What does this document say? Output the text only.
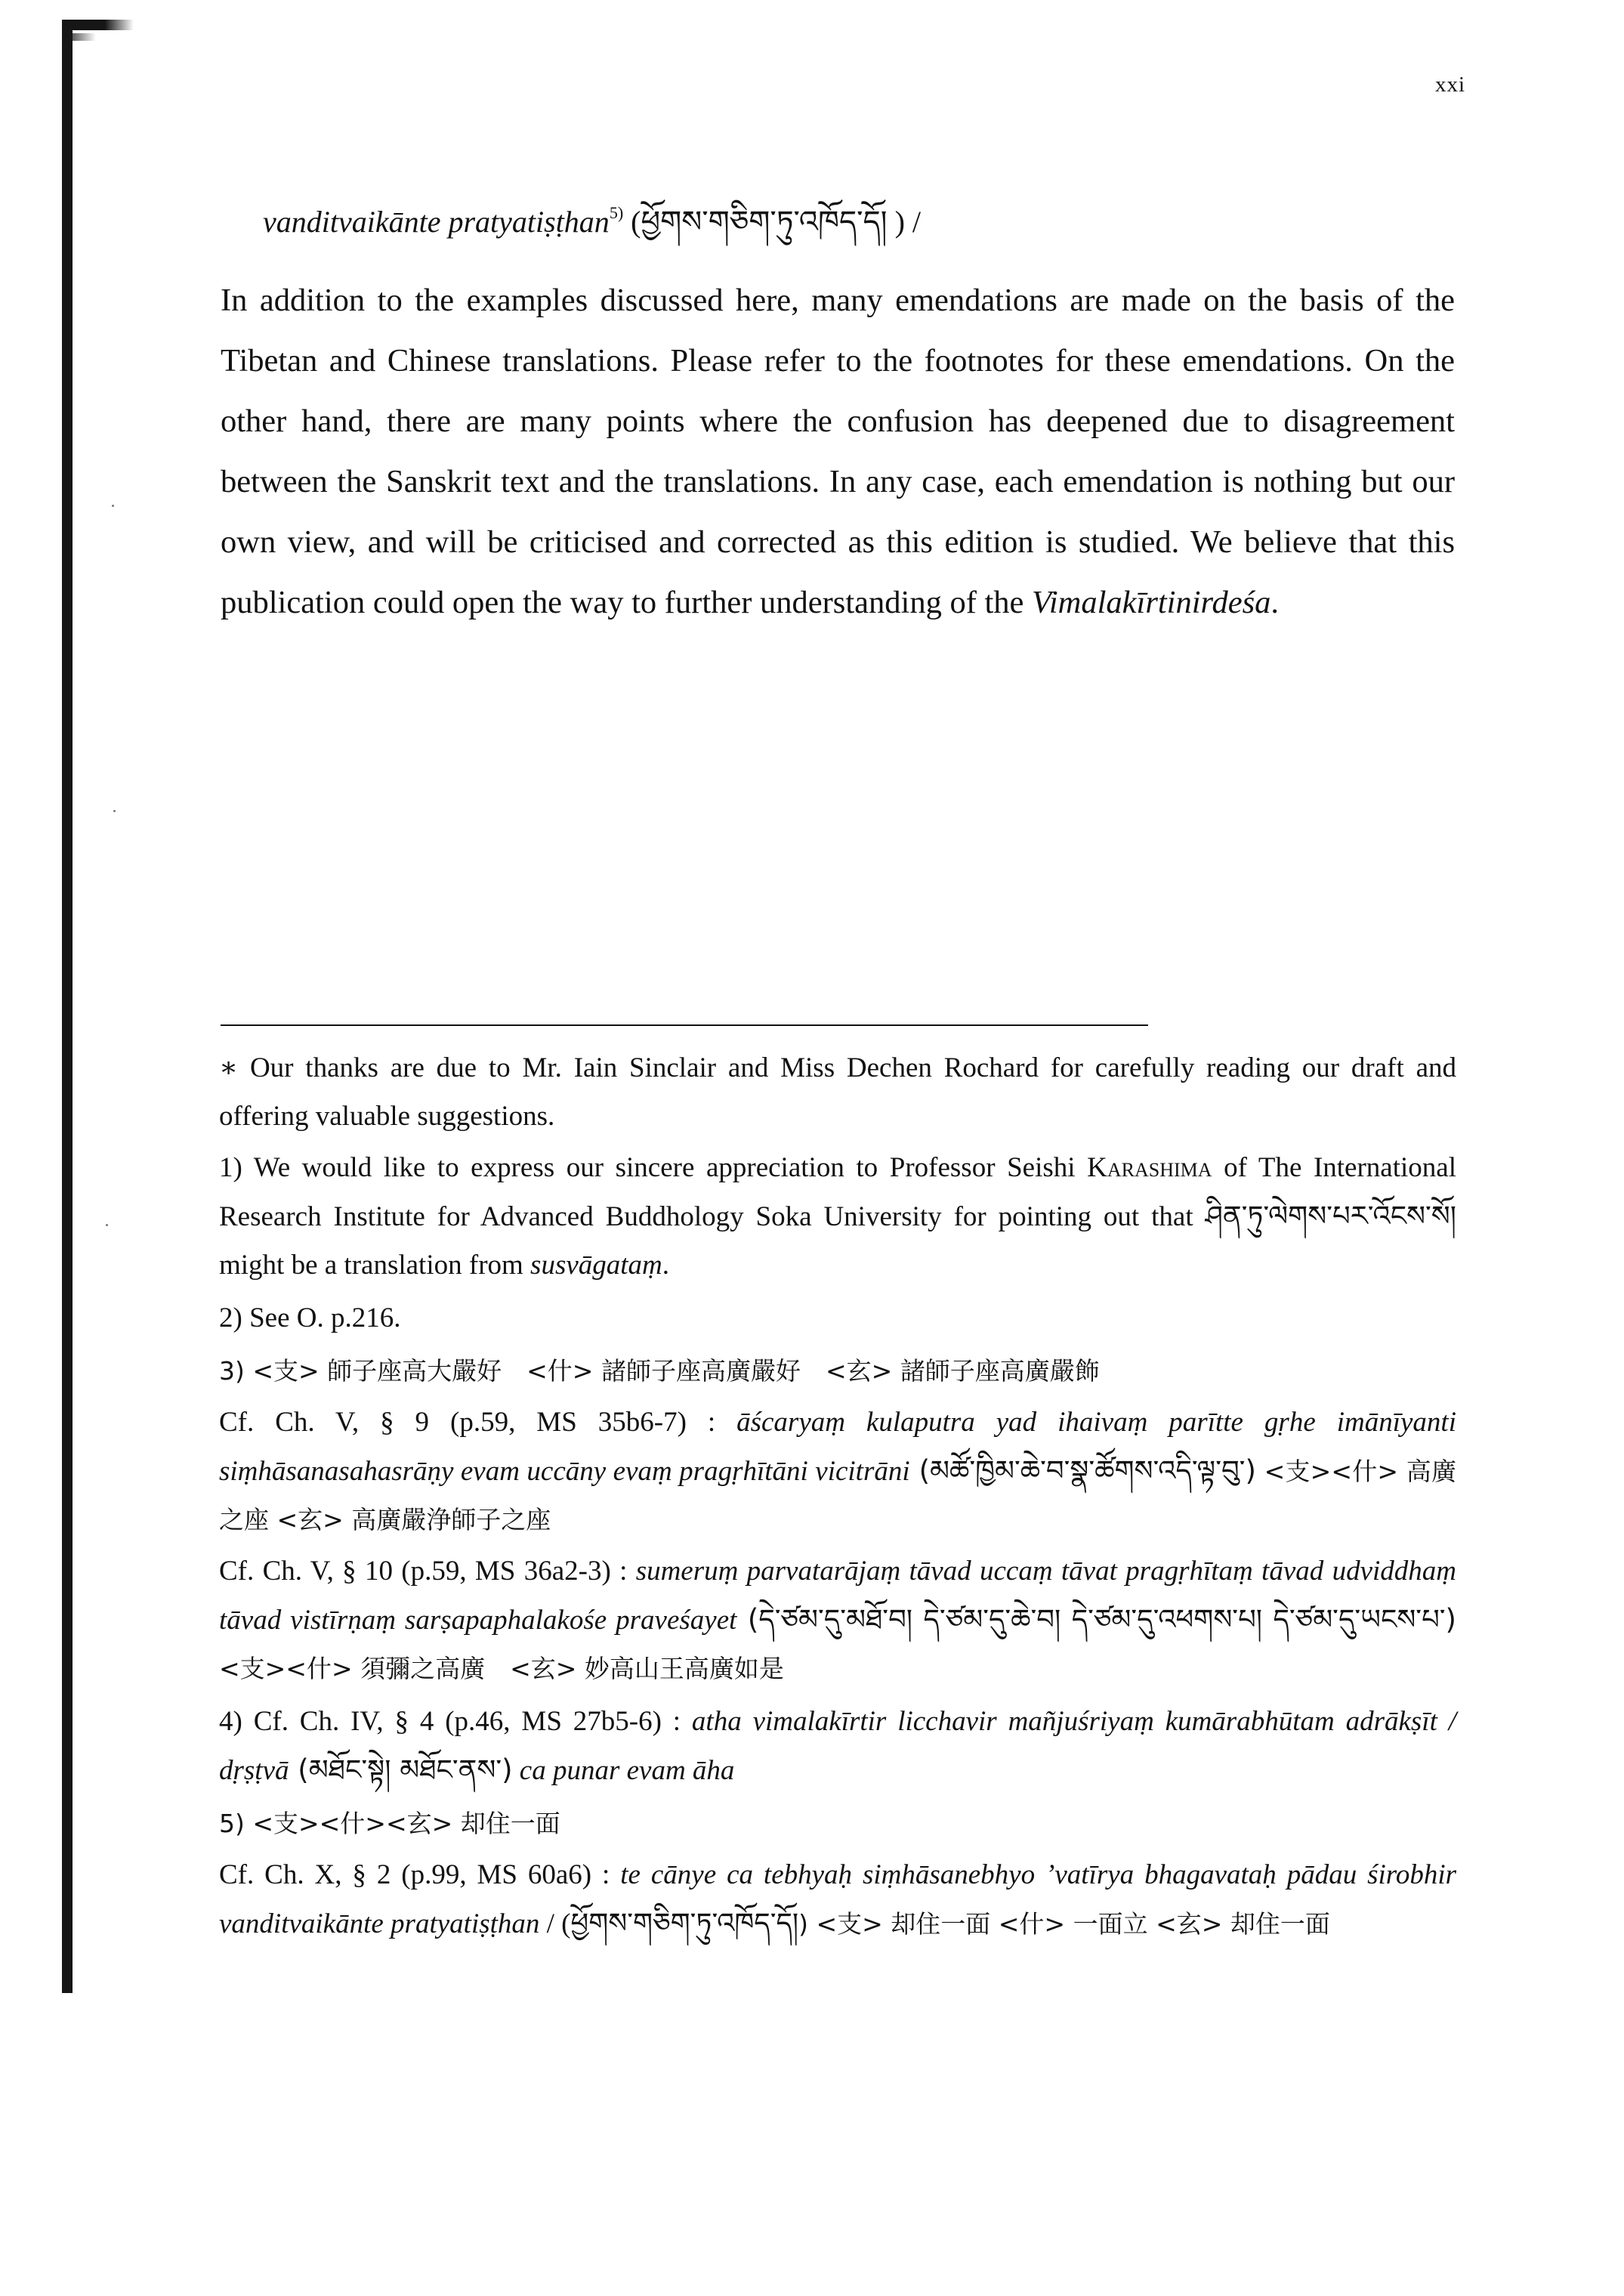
xxi
vanditvaikānte pratyatiṣṭhan$^{5)}$ (ཕྱོགས་གཅིག་ཏུ་འཁོད་དོ། ) /
In addition to the examples discussed here, many emendations are made on the basis of the Tibetan and Chinese translations. Please refer to the footnotes for these emendations. On the other hand, there are many points where the confusion has deepened due to disagreement between the Sanskrit text and the translations. In any case, each emendation is nothing but our own view, and will be criticised and corrected as this edition is studied. We believe that this publication could open the way to further understanding of the Vimalakīrtinirdeśa.

∗ Our thanks are due to Mr. Iain Sinclair and Miss Dechen Rochard for carefully reading our draft and offering valuable suggestions.

1) We would like to express our sincere appreciation to Professor Seishi Karashima of The International Research Institute for Advanced Buddhology Soka University for pointing out that ཤིན་ཏུ་ལེགས་པར་འོངས་སོ། might be a translation from susvāgataṃ.

2) See O. p.216.

3) <支> 師子座高大嚴好　<什> 諸師子座高廣嚴好　<玄> 諸師子座高廣嚴飾

Cf. Ch. V, § 9 (p.59, MS 35b6-7) : āścaryaṃ kulaputra yad ihaivaṃ parītte gṛhe imānīyanti siṃhāsanasahasrāṇy evam uccāny evaṃ pragṛhītāni vicitrāni (མཚོ་ཁྱིམ་ཆེ་བ་སྣ་ཚོགས་འདི་ལྟ་བུ་) <支><什> 高廣之座 <玄> 高廣嚴浄師子之座

Cf. Ch. V, § 10 (p.59, MS 36a2-3) : sumeruṃ parvatarājaṃ tāvad uccaṃ tāvat pragṛhītaṃ tāvad udviddhaṃ tāvad vistīrṇaṃ sarṣapaphalakośe praveśayet (དེ་ཙམ་དུ་མཐོ་བ། དེ་ཙམ་དུ་ཆེ་བ། དེ་ཙམ་དུ་འཕགས་པ། དེ་ཙམ་དུ་ཡངས་པ་) <支><什> 須彌之高廣　<玄> 妙高山王高廣如是

4) Cf. Ch. IV, § 4 (p.46, MS 27b5-6) : atha vimalakīrtir licchavir mañjuśriyaṃ kumārabhūtam adrākṣīt / dṛṣṭvā (མཐོང་སྟེ། མཐོང་ནས་) ca punar evam āha

5) <支><什><玄> 却住一面

Cf. Ch. X, § 2 (p.99, MS 60a6) : te cānye ca tebhyaḥ siṃhāsanebhyo ’vatīrya bhagavataḥ pādau śirobhir vanditvaikānte pratyatiṣṭhan / (ཕྱོགས་གཅིག་ཏུ་འཁོད་དོ།) <支> 却住一面 <什> 一面立 <玄> 却住一面
